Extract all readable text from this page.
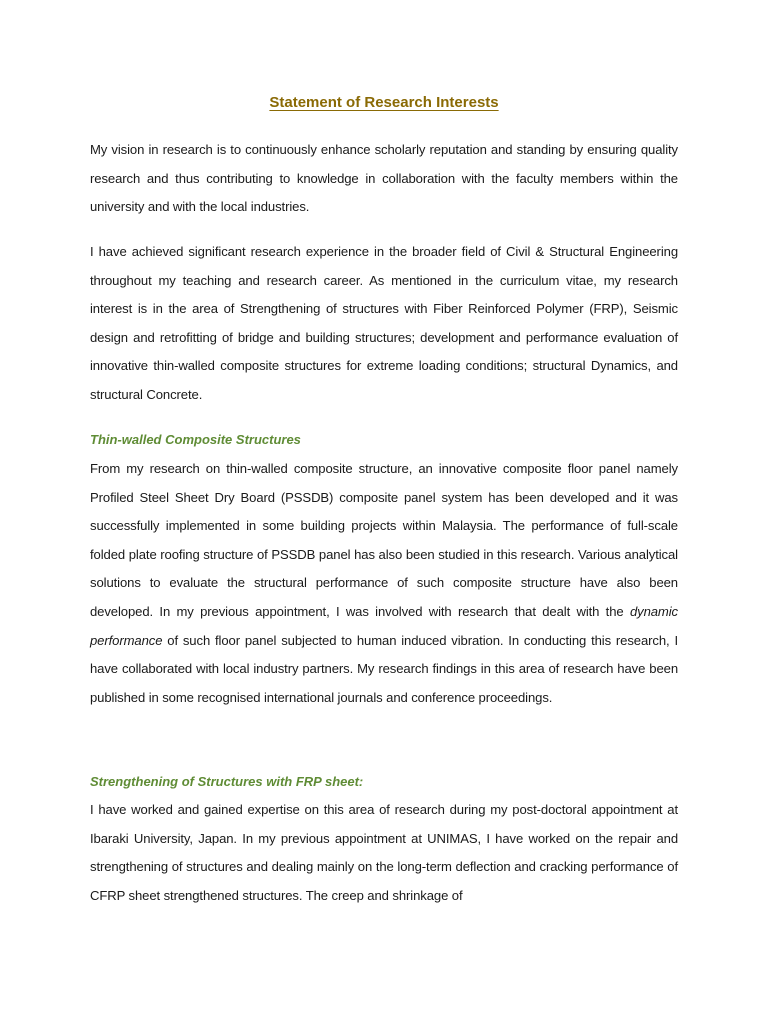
Statement of Research Interests

My vision in research is to continuously enhance scholarly reputation and standing by ensuring quality research and thus contributing to knowledge in collaboration with the faculty members within the university and with the local industries.

I have achieved significant research experience in the broader field of Civil & Structural Engineering throughout my teaching and research career. As mentioned in the curriculum vitae, my research interest is in the area of Strengthening of structures with Fiber Reinforced Polymer (FRP), Seismic design and retrofitting of bridge and building structures; development and performance evaluation of innovative thin-walled composite structures for extreme loading conditions; structural Dynamics, and structural Concrete.

Thin-walled Composite Structures

From my research on thin-walled composite structure, an innovative composite floor panel namely Profiled Steel Sheet Dry Board (PSSDB) composite panel system has been developed and it was successfully implemented in some building projects within Malaysia. The performance of full-scale folded plate roofing structure of PSSDB panel has also been studied in this research. Various analytical solutions to evaluate the structural performance of such composite structure have also been developed. In my previous appointment, I was involved with research that dealt with the dynamic performance of such floor panel subjected to human induced vibration. In conducting this research, I have collaborated with local industry partners. My research findings in this area of research have been published in some recognised international journals and conference proceedings.

Strengthening of Structures with FRP sheet:

I have worked and gained expertise on this area of research during my post-doctoral appointment at Ibaraki University, Japan. In my previous appointment at UNIMAS, I have worked on the repair and strengthening of structures and dealing mainly on the long-term deflection and cracking performance of CFRP sheet strengthened structures. The creep and shrinkage of
